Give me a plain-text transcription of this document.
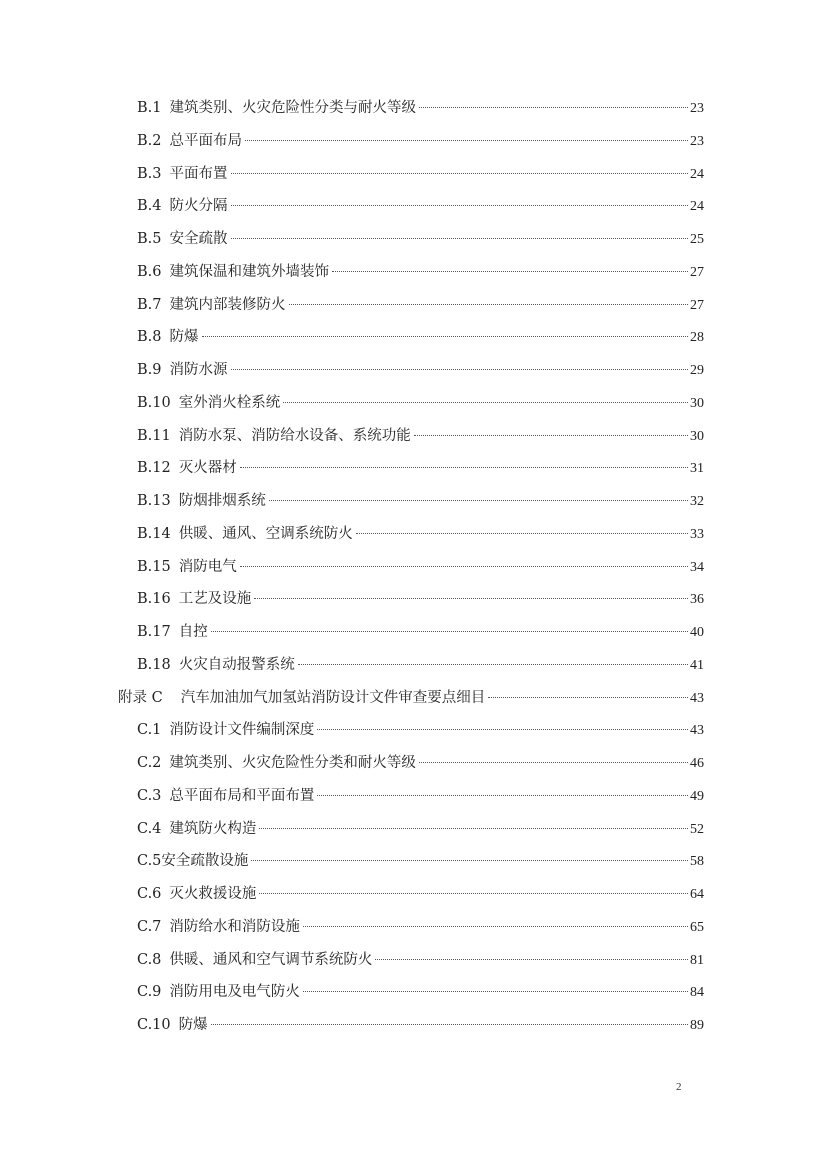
B.1 建筑类别、火灾危险性分类与耐火等级	23
B.2 总平面布局	23
B.3 平面布置	24
B.4 防火分隔	24
B.5 安全疏散	25
B.6 建筑保温和建筑外墙装饰	27
B.7 建筑内部装修防火	27
B.8 防爆	28
B.9 消防水源	29
B.10 室外消火栓系统	30
B.11 消防水泵、消防给水设备、系统功能	30
B.12 灭火器材	31
B.13 防烟排烟系统	32
B.14 供暖、通风、空调系统防火	33
B.15 消防电气	34
B.16 工艺及设施	36
B.17 自控	40
B.18 火灾自动报警系统	41
附录 C 汽车加油加气加氢站消防设计文件审查要点细目	43
C.1 消防设计文件编制深度	43
C.2 建筑类别、火灾危险性分类和耐火等级	46
C.3 总平面布局和平面布置	49
C.4 建筑防火构造	52
C.5 安全疏散设施	58
C.6 灭火救援设施	64
C.7 消防给水和消防设施	65
C.8 供暖、通风和空气调节系统防火	81
C.9 消防用电及电气防火	84
C.10 防爆	89
2
